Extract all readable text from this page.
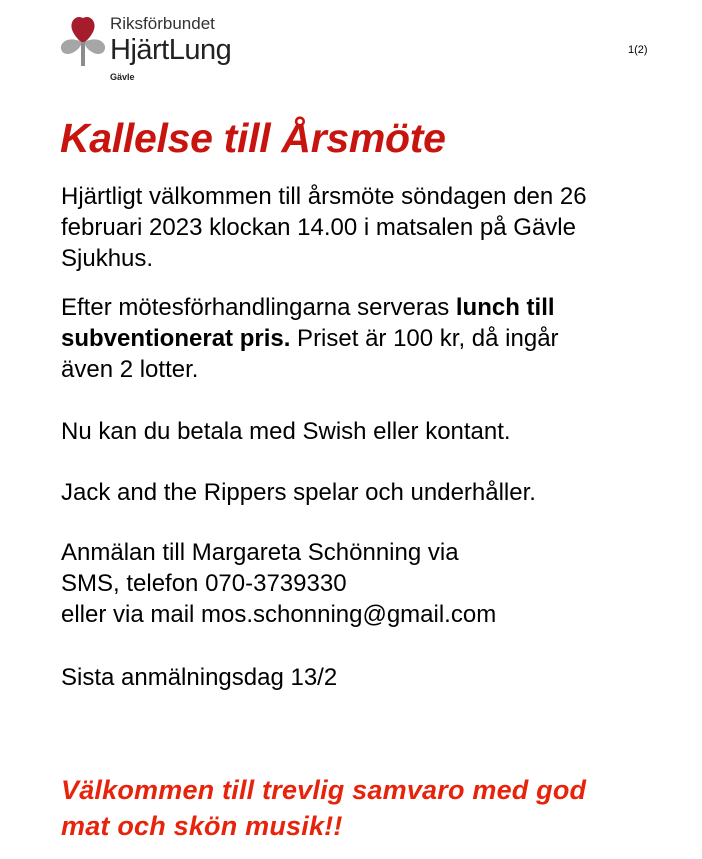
Riksförbundet
HjärtLung
Gävle
1(2)
Kallelse till Årsmöte

Hjärtligt välkommen till årsmöte söndagen den 26
februari 2023 klockan 14.00 i matsalen på Gävle
Sjukhus.

Efter mötesförhandlingarna serveras lunch till
subventionerat pris. Priset är 100 kr, då ingår
även 2 lotter.

Nu kan du betala med Swish eller kontant.

Jack and the Rippers spelar och underhåller.

Anmälan till Margareta Schönning via
SMS, telefon 070-3739330
eller via mail mos.schonning@gmail.com

Sista anmälningsdag 13/2

Välkommen till trevlig samvaro med god
mat och skön musik!!
